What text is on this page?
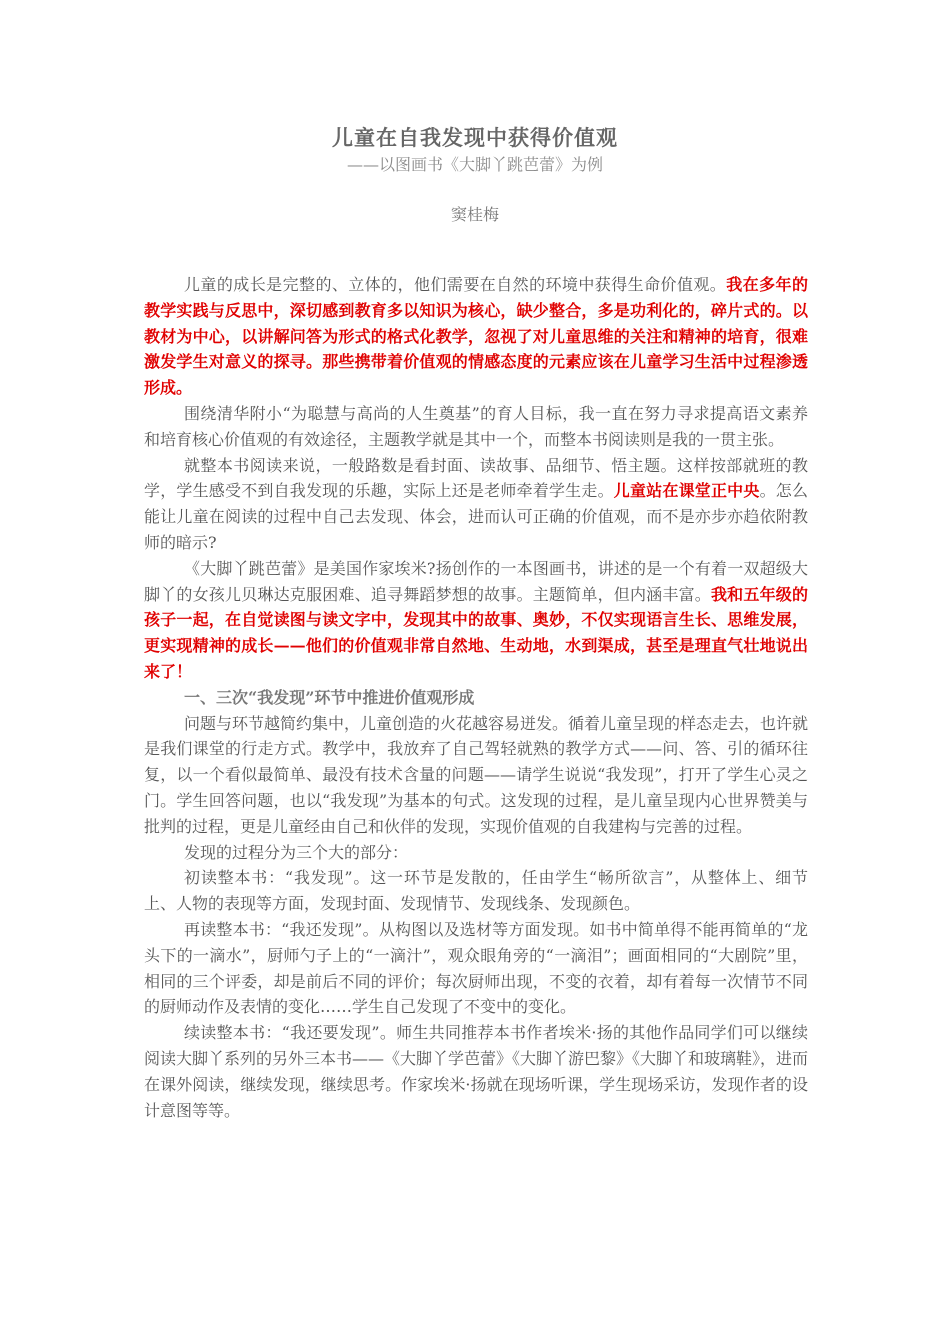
儿童在自我发现中获得价值观
——以图画书《大脚丫跳芭蕾》为例
窦桂梅

儿童的成长是完整的、立体的，他们需要在自然的环境中获得生命价值观。我在多年的教学实践与反思中，深切感到教育多以知识为核心，缺少整合，多是功利化的，碎片式的。以教材为中心，以讲解问答为形式的格式化教学，忽视了对儿童思维的关注和精神的培育，很难激发学生对意义的探寻。那些携带着价值观的情感态度的元素应该在儿童学习生活中过程渗透形成。

围绕清华附小“为聪慧与高尚的人生奠基”的育人目标，我一直在努力寻求提高语文素养和培育核心价值观的有效途径，主题教学就是其中一个，而整本书阅读则是我的一贯主张。

就整本书阅读来说，一般路数是看封面、读故事、品细节、悟主题。这样按部就班的教学，学生感受不到自我发现的乐趣，实际上还是老师牵着学生走。儿童站在课堂正中央。怎么能让儿童在阅读的过程中自己去发现、体会，进而认可正确的价值观，而不是亦步亦趋依附教师的暗示?

《大脚丫跳芭蕾》是美国作家埃米?扬创作的一本图画书，讲述的是一个有着一双超级大脚丫的女孩儿贝琳达克服困难、追寻舞蹈梦想的故事。主题简单，但内涵丰富。我和五年级的孩子一起，在自觉读图与读文字中，发现其中的故事、奥妙，不仅实现语言生长、思维发展，更实现精神的成长——他们的价值观非常自然地、生动地，水到渠成，甚至是理直气壮地说出来了！

一、三次“我发现”环节中推进价值观形成

问题与环节越简约集中，儿童创造的火花越容易迸发。循着儿童呈现的样态走去，也许就是我们课堂的行走方式。教学中，我放弃了自己驾轻就熟的教学方式——问、答、引的循环往复，以一个看似最简单、最没有技术含量的问题——请学生说说“我发现”，打开了学生心灵之门。学生回答问题，也以“我发现”为基本的句式。这发现的过程，是儿童呈现内心世界赞美与批判的过程，更是儿童经由自己和伙伴的发现，实现价值观的自我建构与完善的过程。

发现的过程分为三个大的部分：

初读整本书：“我发现”。这一环节是发散的，任由学生“畅所欲言”，从整体上、细节上、人物的表现等方面，发现封面、发现情节、发现线条、发现颜色。

再读整本书：“我还发现”。从构图以及选材等方面发现。如书中简单得不能再简单的“龙头下的一滴水”，厨师勺子上的“一滴汁”，观众眼角旁的“一滴泪”；画面相同的“大剧院”里，相同的三个评委，却是前后不同的评价；每次厨师出现，不变的衣着，却有着每一次情节不同的厨师动作及表情的变化……学生自己发现了不变中的变化。

续读整本书：“我还要发现”。师生共同推荐本书作者埃米·扬的其他作品同学们可以继续阅读大脚丫系列的另外三本书——《大脚丫学芭蕾》《大脚丫游巴黎》《大脚丫和玻璃鞋》，进而在课外阅读，继续发现，继续思考。作家埃米·扬就在现场听课，学生现场采访，发现作者的设计意图等等。
